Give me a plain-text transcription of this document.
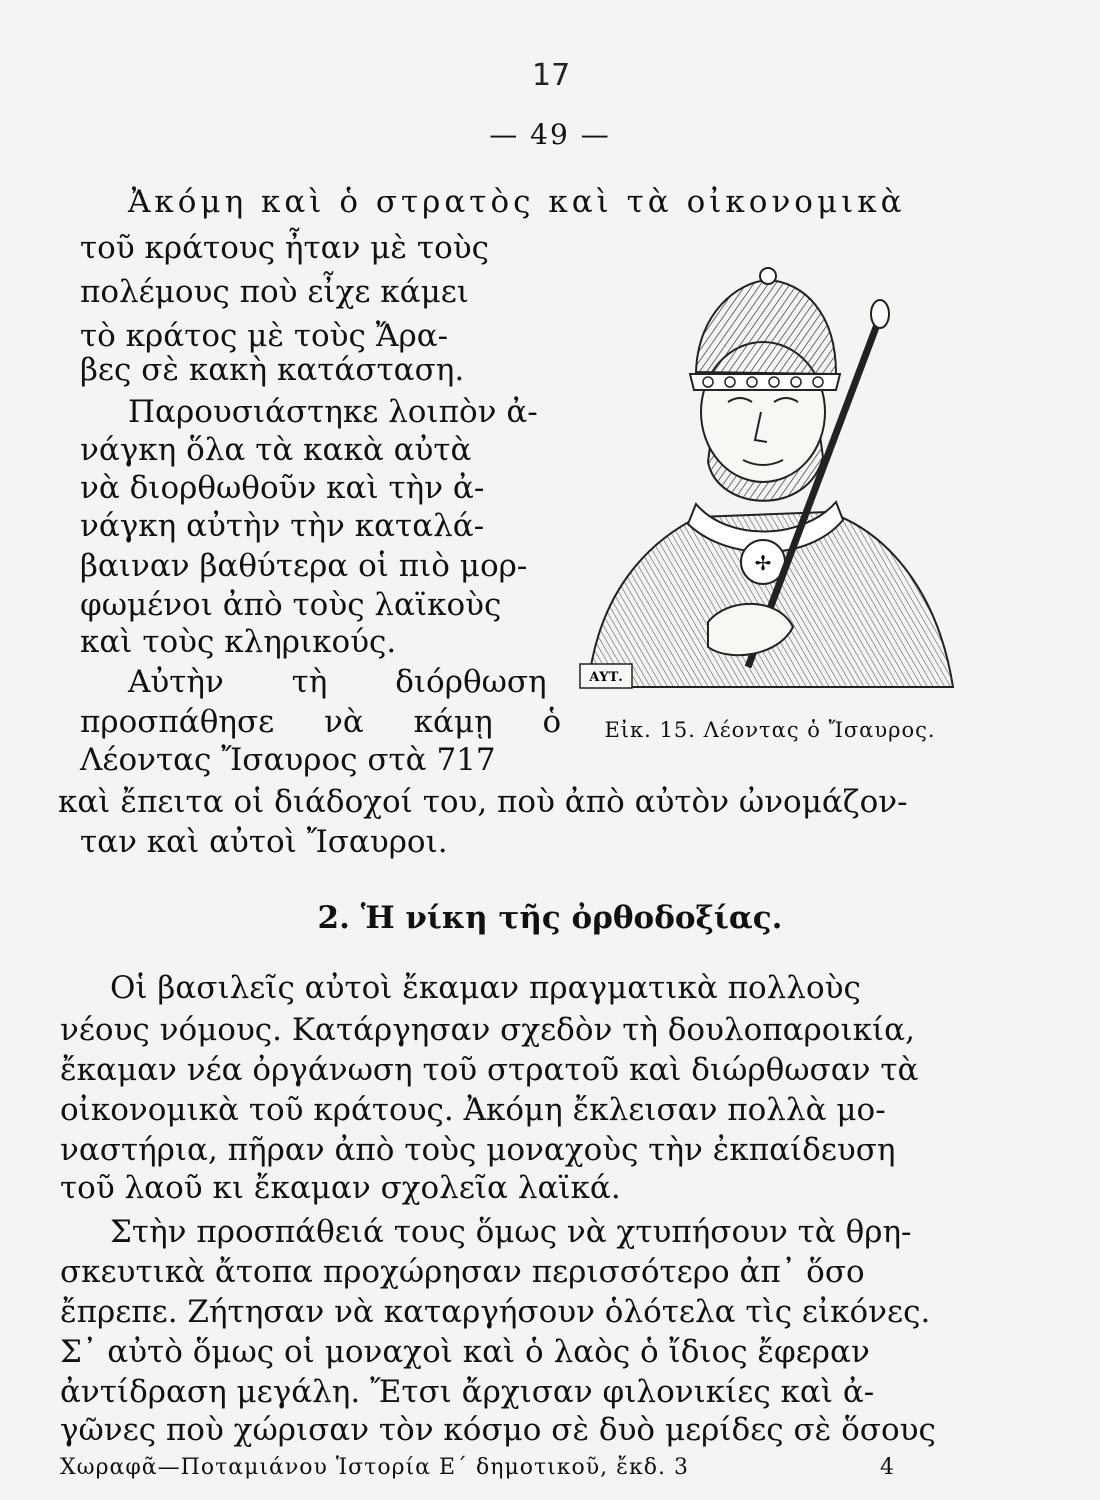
17
— 49 —
Ἀκόμη καὶ ὁ στρατὸς καὶ τὰ οἰκονομικὰ
τοῦ κράτους ἦταν μὲ τοὺς
πολέμους ποὺ εἶχε κάμει
τὸ κράτος μὲ τοὺς Ἄρα-
βες σὲ κακὴ κατάσταση.
Παρουσιάστηκε λοιπὸν ἀ-
νάγκη ὅλα τὰ κακὰ αὐτὰ
νὰ διορθωθοῦν καὶ τὴν ἀ-
νάγκη αὐτὴν τὴν καταλά-
βαιναν βαθύτερα οἱ πιὸ μορ-
φωμένοι ἀπὸ τοὺς λαϊκοὺς
καὶ τοὺς κληρικούς.
Αὐτὴν τὴ διόρθωση
προσπάθησε νὰ κάμῃ ὁ
Λέοντας Ἴσαυρος στὰ 717
καὶ ἔπειτα οἱ διάδοχοί του, ποὺ ἀπὸ αὐτὸν ὠνομάζον-
ταν καὶ αὐτοὶ Ἴσαυροι.
✢
ΑΥΤ.
Εἰκ. 15. Λέοντας ὁ Ἴσαυρος.
2. Ἡ νίκη τῆς ὀρθοδοξίας.
Οἱ βασιλεῖς αὐτοὶ ἔκαμαν πραγματικὰ πολλοὺς
νέους νόμους. Κατάργησαν σχεδὸν τὴ δουλοπαροικία,
ἔκαμαν νέα ὀργάνωση τοῦ στρατοῦ καὶ διώρθωσαν τὰ
οἰκονομικὰ τοῦ κράτους. Ἀκόμη ἔκλεισαν πολλὰ μο-
ναστήρια, πῆραν ἀπὸ τοὺς μοναχοὺς τὴν ἐκπαίδευση
τοῦ λαοῦ κι ἔκαμαν σχολεῖα λαϊκά.
Στὴν προσπάθειά τους ὅμως νὰ χτυπήσουν τὰ θρη-
σκευτικὰ ἄτοπα προχώρησαν περισσότερο ἀπ᾿ ὅσο
ἔπρεπε. Ζήτησαν νὰ καταργήσουν ὁλότελα τὶς εἰκόνες.
Σ᾿ αὐτὸ ὅμως οἱ μοναχοὶ καὶ ὁ λαὸς ὁ ἴδιος ἔφεραν
ἀντίδραση μεγάλη. Ἔτσι ἄρχισαν φιλονικίες καὶ ἀ-
γῶνες ποὺ χώρισαν τὸν κόσμο σὲ δυὸ μερίδες σὲ ὅσους
Χωραφᾶ—Ποταμιάνου Ἱστορία Ε΄ δημοτικοῦ, ἔκδ. 3	4
